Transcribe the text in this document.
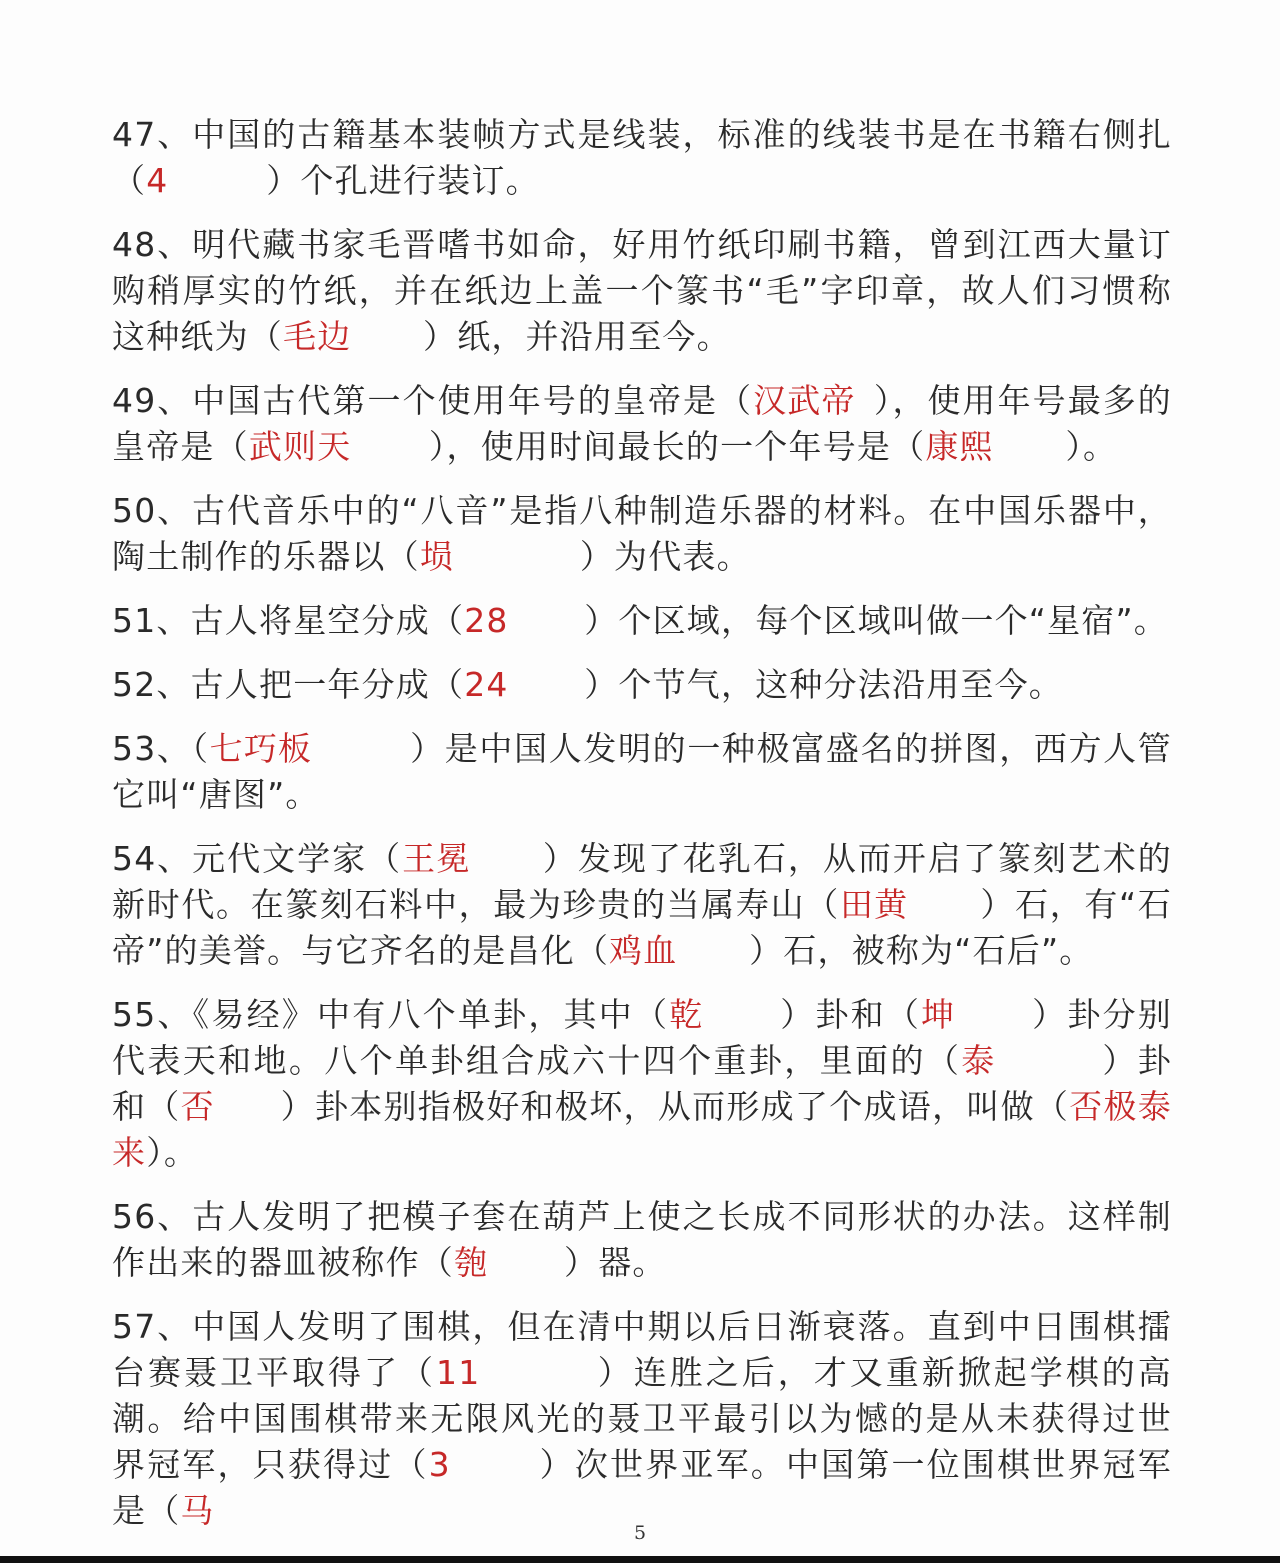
47、中国的古籍基本装帧方式是线装，标准的线装书是在书籍右侧扎（4	）个孔进行装订。

48、明代藏书家毛晋嗜书如命，好用竹纸印刷书籍，曾到江西大量订购稍厚实的竹纸，并在纸边上盖一个篆书“毛”字印章，故人们习惯称这种纸为（毛边 ）纸，并沿用至今。

49、中国古代第一个使用年号的皇帝是（汉武帝 ），使用年号最多的皇帝是（武则天 ），使用时间最长的一个年号是（康熙 ）。

50、古代音乐中的“八音”是指八种制造乐器的材料。在中国乐器中，陶土制作的乐器以（埙	）为代表。

51、古人将星空分成（28 ）个区域，每个区域叫做一个“星宿”。

52、古人把一年分成（24 ）个节气，这种分法沿用至今。

53、（七巧板	）是中国人发明的一种极富盛名的拼图，西方人管它叫“唐图”。

54、元代文学家（王冕 ）发现了花乳石，从而开启了篆刻艺术的新时代。在篆刻石料中，最为珍贵的当属寿山（田黄 ）石，有“石帝”的美誉。与它齐名的是昌化（鸡血 ）石，被称为“石后”。

55、《易经》中有八个单卦，其中（乾 ）卦和（坤 ）卦分别代表天和地。八个单卦组合成六十四个重卦，里面的（泰	）卦和（否 ）卦本别指极好和极坏，从而形成了个成语，叫做（否极泰来）。

56、古人发明了把模子套在葫芦上使之长成不同形状的办法。这样制作出来的器皿被称作（匏 ）器。

57、中国人发明了围棋，但在清中期以后日渐衰落。直到中日围棋擂台赛聂卫平取得了（11	）连胜之后，才又重新掀起学棋的高潮。给中国围棋带来无限风光的聂卫平最引以为憾的是从未获得过世界冠军，只获得过（3	）次世界亚军。中国第一位围棋世界冠军是（马

5
